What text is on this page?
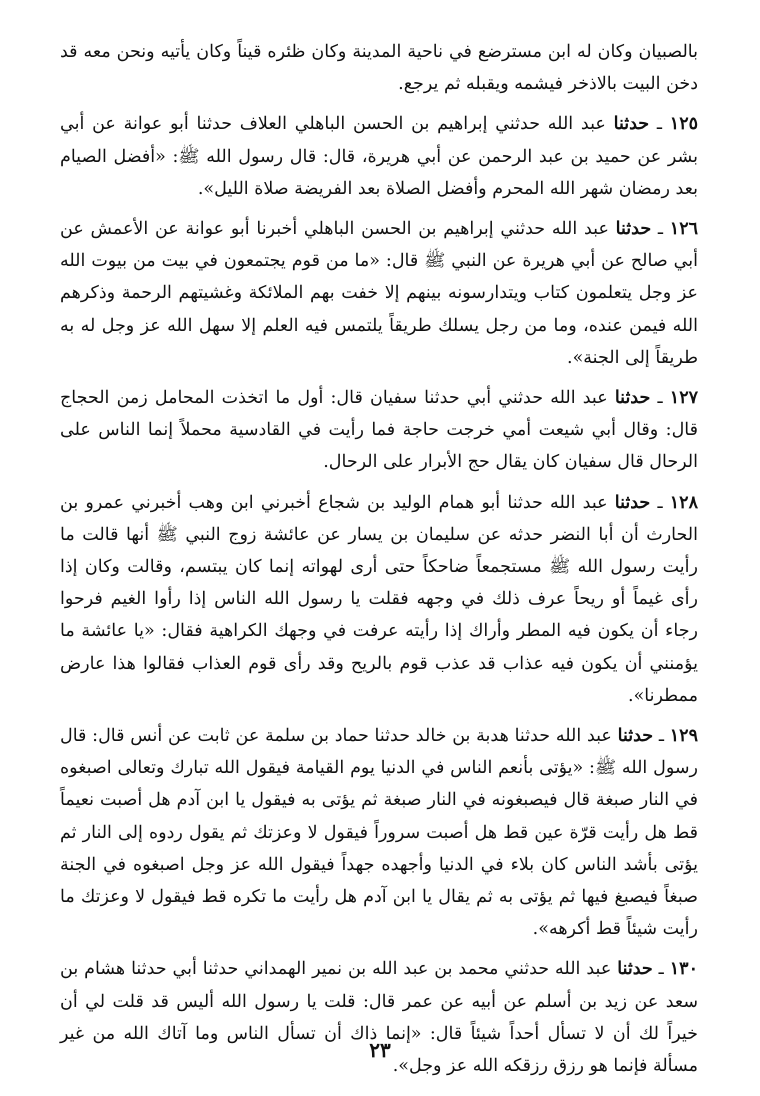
بالصبيان وكان له ابن مسترضع في ناحية المدينة وكان ظئره قيناً وكان يأتيه ونحن معه قد دخن البيت بالاذخر فيشمه ويقبله ثم يرجع.

١٢٥ ـ حدثنا عبد الله حدثني إبراهيم بن الحسن الباهلي العلاف حدثنا أبو عوانة عن أبي بشر عن حميد بن عبد الرحمن عن أبي هريرة، قال: قال رسول الله ﷺ: «أفضل الصيام بعد رمضان شهر الله المحرم وأفضل الصلاة بعد الفريضة صلاة الليل».

١٢٦ ـ حدثنا عبد الله حدثني إبراهيم بن الحسن الباهلي أخبرنا أبو عوانة عن الأعمش عن أبي صالح عن أبي هريرة عن النبي ﷺ قال: «ما من قوم يجتمعون في بيت من بيوت الله عز وجل يتعلمون كتاب ويتدارسونه بينهم إلا خفت بهم الملائكة وغشيتهم الرحمة وذكرهم الله فيمن عنده، وما من رجل يسلك طريقاً يلتمس فيه العلم إلا سهل الله عز وجل له به طريقاً إلى الجنة».

١٢٧ ـ حدثنا عبد الله حدثني أبي حدثنا سفيان قال: أول ما اتخذت المحامل زمن الحجاج قال: وقال أبي شيعت أمي خرجت حاجة فما رأيت في القادسية محملاً إنما الناس على الرحال قال سفيان كان يقال حج الأبرار على الرحال.

١٢٨ ـ حدثنا عبد الله حدثنا أبو همام الوليد بن شجاع أخبرني ابن وهب أخبرني عمرو بن الحارث أن أبا النضر حدثه عن سليمان بن يسار عن عائشة زوج النبي ﷺ أنها قالت ما رأيت رسول الله ﷺ مستجمعاً ضاحكاً حتى أرى لهواته إنما كان يبتسم، وقالت وكان إذا رأى غيماً أو ريحاً عرف ذلك في وجهه فقلت يا رسول الله الناس إذا رأوا الغيم فرحوا رجاء أن يكون فيه المطر وأراك إذا رأيته عرفت في وجهك الكراهية فقال: «يا عائشة ما يؤمنني أن يكون فيه عذاب قد عذب قوم بالريح وقد رأى قوم العذاب فقالوا هذا عارض ممطرنا».

١٢٩ ـ حدثنا عبد الله حدثنا هدبة بن خالد حدثنا حماد بن سلمة عن ثابت عن أنس قال: قال رسول الله ﷺ: «يؤتى بأنعم الناس في الدنيا يوم القيامة فيقول الله تبارك وتعالى اصبغوه في النار صبغة قال فيصبغونه في النار صبغة ثم يؤتى به فيقول يا ابن آدم هل أصبت نعيماً قط هل رأيت قرّة عين قط هل أصبت سروراً فيقول لا وعزتك ثم يقول ردوه إلى النار ثم يؤتى بأشد الناس كان بلاء في الدنيا وأجهده جهداً فيقول الله عز وجل اصبغوه في الجنة صبغاً فيصبغ فيها ثم يؤتى به ثم يقال يا ابن آدم هل رأيت ما تكره قط فيقول لا وعزتك ما رأيت شيئاً قط أكرهه».

١٣٠ ـ حدثنا عبد الله حدثني محمد بن عبد الله بن نمير الهمداني حدثنا أبي حدثنا هشام بن سعد عن زيد بن أسلم عن أبيه عن عمر قال: قلت يا رسول الله أليس قد قلت لي أن خيراً لك أن لا تسأل أحداً شيئاً قال: «إنما ذاك أن تسأل الناس وما آتاك الله من غير مسألة فإنما هو رزق رزقكه الله عز وجل».

٢٣
